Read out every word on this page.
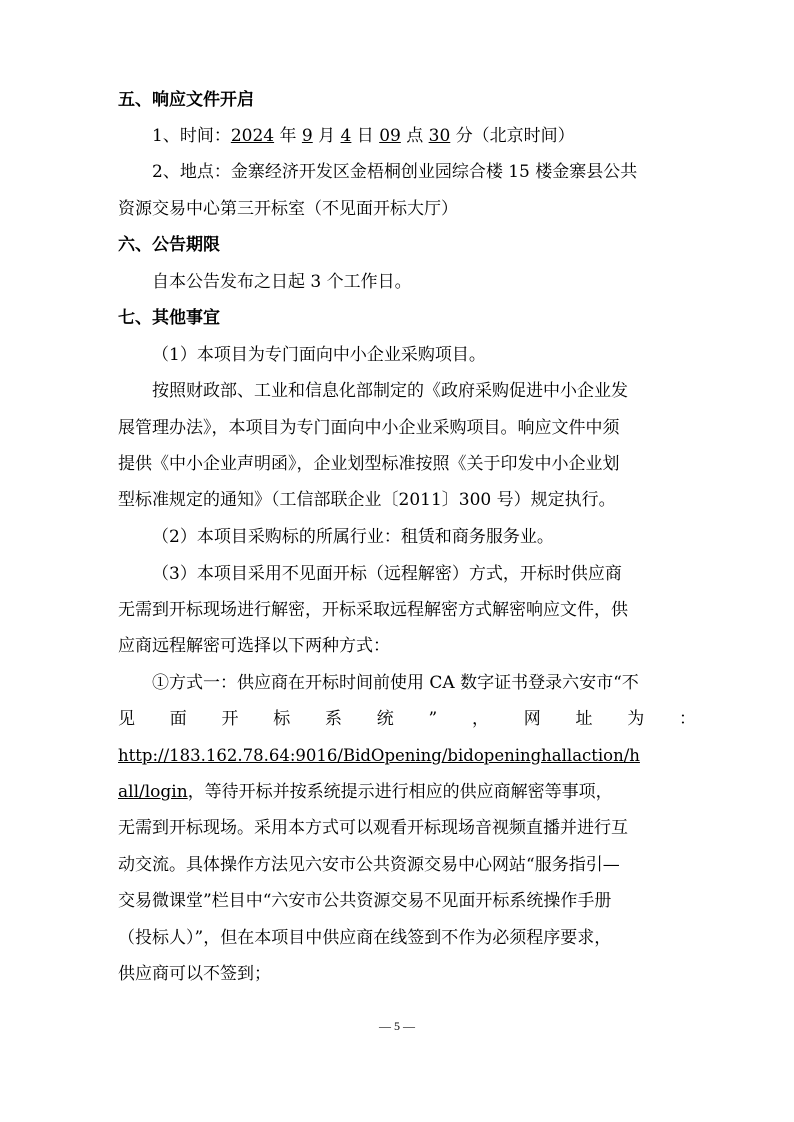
五、响应文件开启
1、时间：2024 年 9 月 4 日 09 点 30 分（北京时间）
2、地点：金寨经济开发区金梧桐创业园综合楼 15 楼金寨县公共
资源交易中心第三开标室（不见面开标大厅）
六、公告期限
自本公告发布之日起 3 个工作日。
七、其他事宜
（1）本项目为专门面向中小企业采购项目。
按照财政部、工业和信息化部制定的《政府采购促进中小企业发
展管理办法》，本项目为专门面向中小企业采购项目。响应文件中须
提供《中小企业声明函》，企业划型标准按照《关于印发中小企业划
型标准规定的通知》（工信部联企业〔2011〕300 号）规定执行。
（2）本项目采购标的所属行业：租赁和商务服务业。
（3）本项目采用不见面开标（远程解密）方式，开标时供应商
无需到开标现场进行解密，开标采取远程解密方式解密响应文件，供
应商远程解密可选择以下两种方式：
①方式一：供应商在开标时间前使用 CA 数字证书登录六安市“不
见 面 开 标 系 统 ” ， 网 址 为 ：
http://183.162.78.64:9016/BidOpening/bidopeninghallaction/h
all/login，等待开标并按系统提示进行相应的供应商解密等事项，
无需到开标现场。采用本方式可以观看开标现场音视频直播并进行互
动交流。具体操作方法见六安市公共资源交易中心网站“服务指引—
交易微课堂”栏目中“六安市公共资源交易不见面开标系统操作手册
（投标人）”，但在本项目中供应商在线签到不作为必须程序要求，
供应商可以不签到；
— 5 —
